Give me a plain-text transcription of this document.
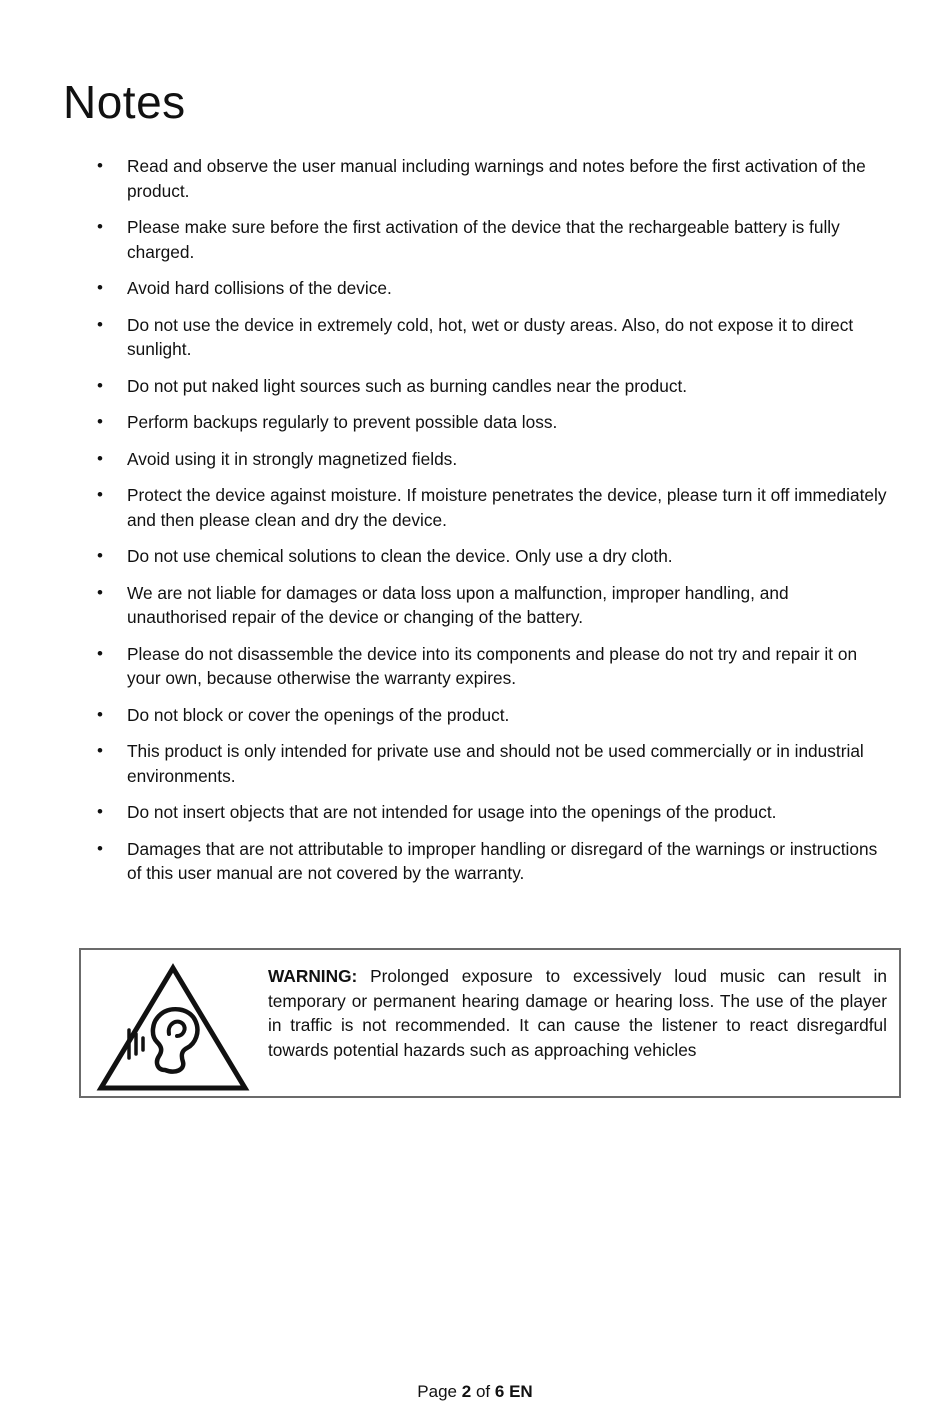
Notes
• Read and observe the user manual including warnings and notes before the first activation of the product.
• Please make sure before the first activation of the device that the rechargeable battery is fully charged.
• Avoid hard collisions of the device.
• Do not use the device in extremely cold, hot, wet or dusty areas. Also, do not expose it to direct sunlight.
• Do not put naked light sources such as burning candles near the product.
• Perform backups regularly to prevent possible data loss.
• Avoid using it in strongly magnetized fields.
• Protect the device against moisture. If moisture penetrates the device, please turn it off immediately and then please clean and dry the device.
• Do not use chemical solutions to clean the device. Only use a dry cloth.
• We are not liable for damages or data loss upon a malfunction, improper handling, and unauthorised repair of the device or changing of the battery.
• Please do not disassemble the device into its components and please do not try and repair it on your own, because otherwise the warranty expires.
• Do not block or cover the openings of the product.
• This product is only intended for private use and should not be used commercially or in industrial environments.
• Do not insert objects that are not intended for usage into the openings of the product.
• Damages that are not attributable to improper handling or disregard of the warnings or instructions of this user manual are not covered by the warranty.

WARNING: Prolonged exposure to excessively loud music can result in temporary or permanent hearing damage or hearing loss. The use of the player in traffic is not recommended. It can cause the listener to react disregardful towards potential hazards such as approaching vehicles

Page 2 of 6 EN
